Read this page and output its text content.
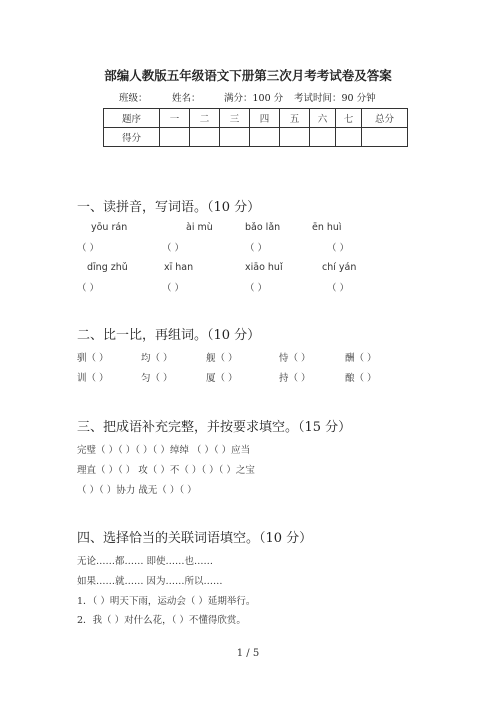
部编人教版五年级语文下册第三次月考考试卷及答案
班级：	姓名： 满分：100 分 考试时间：90 分钟
题序	一	二	三	四	五	六	七	总分
得分								
一、读拼音，写词语。（10 分）
yōu rán	ài mù	bǎo lǎn	ēn huì
（ ）	（ ）	（ ）	（ ）
dīng zhǔ	xī han	xiāo huǐ	chí yán
（ ）	（ ）	（ ）	（ ）
二、比一比，再组词。（10 分）
驯（ ）	均（ ）	舰（ ）	恃（ ）	酬（ ）
训（ ）	匀（ ）	厦（ ）	持（ ）	酿（ ）
三、把成语补充完整，并按要求填空。（15 分）
完璧（ ）（ ）（ ）（ ）绰绰 （ ）（ ）应当
理直（ ）（ ） 攻（ ）不（ ）（ ）（ ）之宝
（ ）（ ）协力 战无（ ）（ ）
四、选择恰当的关联词语填空。（10 分）
无论……都…… 即使……也……
如果……就…… 因为……所以……
1．（ ）明天下雨，运动会（ ）延期举行。
2．我（ ）对什么花，（ ）不懂得欣赏。
1 / 5
